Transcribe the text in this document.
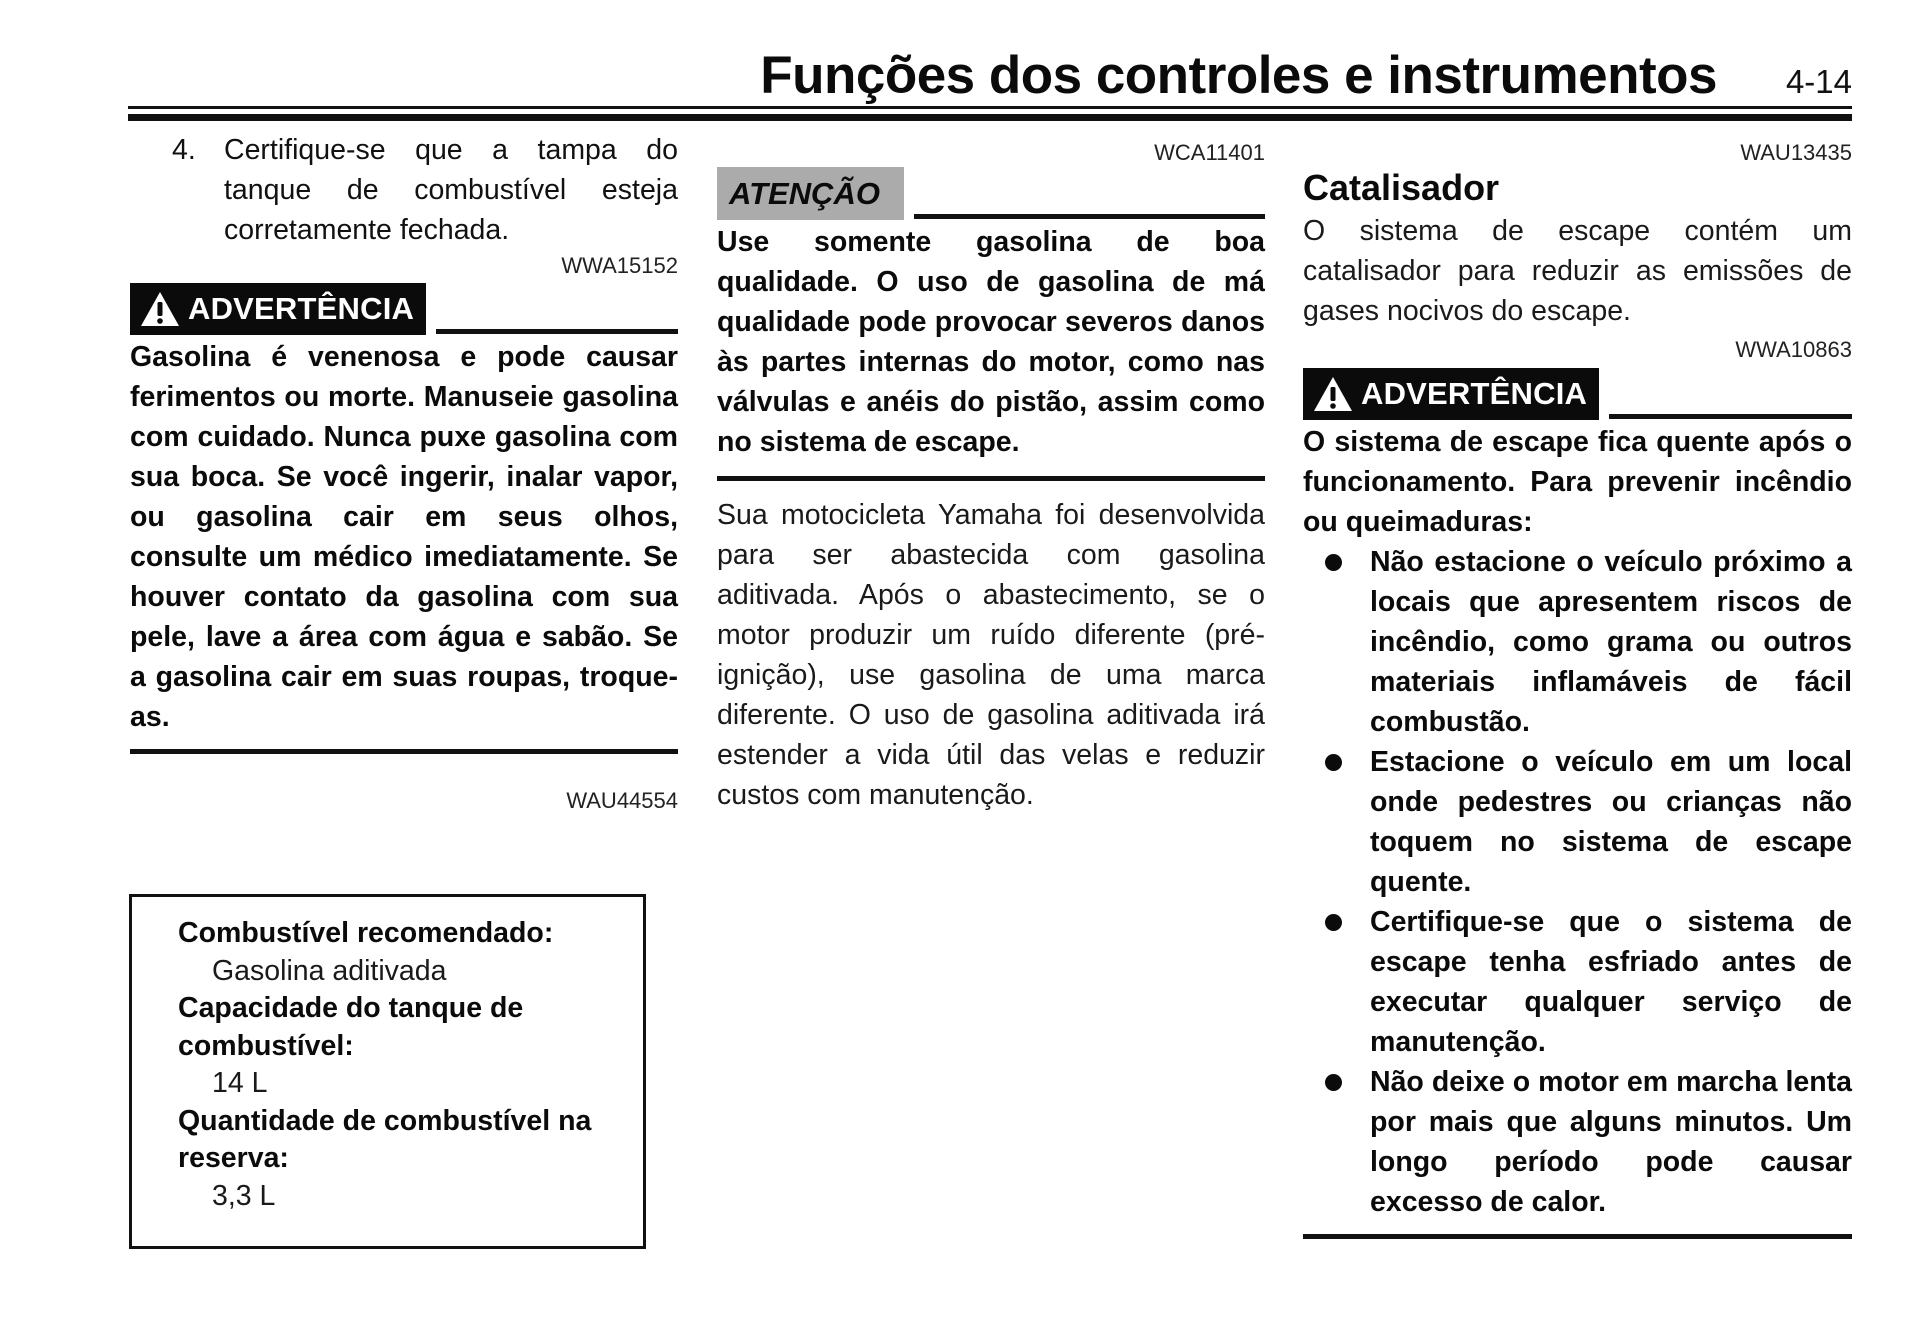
Funções dos controles e instrumentos 4-14
4. Certifique-se que a tampa do tanque de combustível esteja corretamente fechada.
WWA15152
ADVERTÊNCIA
Gasolina é venenosa e pode causar ferimentos ou morte. Manuseie gasolina com cuidado. Nunca puxe gasolina com sua boca. Se você ingerir, inalar vapor, ou gasolina cair em seus olhos, consulte um médico imediatamente. Se houver contato da gasolina com sua pele, lave a área com água e sabão. Se a gasolina cair em suas roupas, troque-as.
WAU44554
Combustível recomendado:
Gasolina aditivada
Capacidade do tanque de combustível:
14 L
Quantidade de combustível na reserva:
3,3 L
WCA11401
ATENÇÃO
Use somente gasolina de boa qualidade. O uso de gasolina de má qualidade pode provocar severos danos às partes internas do motor, como nas válvulas e anéis do pistão, assim como no sistema de escape.
Sua motocicleta Yamaha foi desenvolvida para ser abastecida com gasolina aditivada. Após o abastecimento, se o motor produzir um ruído diferente (pré-ignição), use gasolina de uma marca diferente. O uso de gasolina aditivada irá estender a vida útil das velas e reduzir custos com manutenção.
WAU13435
Catalisador
O sistema de escape contém um catalisador para reduzir as emissões de gases nocivos do escape.
WWA10863
ADVERTÊNCIA
O sistema de escape fica quente após o funcionamento. Para prevenir incêndio ou queimaduras:
Não estacione o veículo próximo a locais que apresentem riscos de incêndio, como grama ou outros materiais inflamáveis de fácil combustão.
Estacione o veículo em um local onde pedestres ou crianças não toquem no sistema de escape quente.
Certifique-se que o sistema de escape tenha esfriado antes de executar qualquer serviço de manutenção.
Não deixe o motor em marcha lenta por mais que alguns minutos. Um longo período pode causar excesso de calor.
